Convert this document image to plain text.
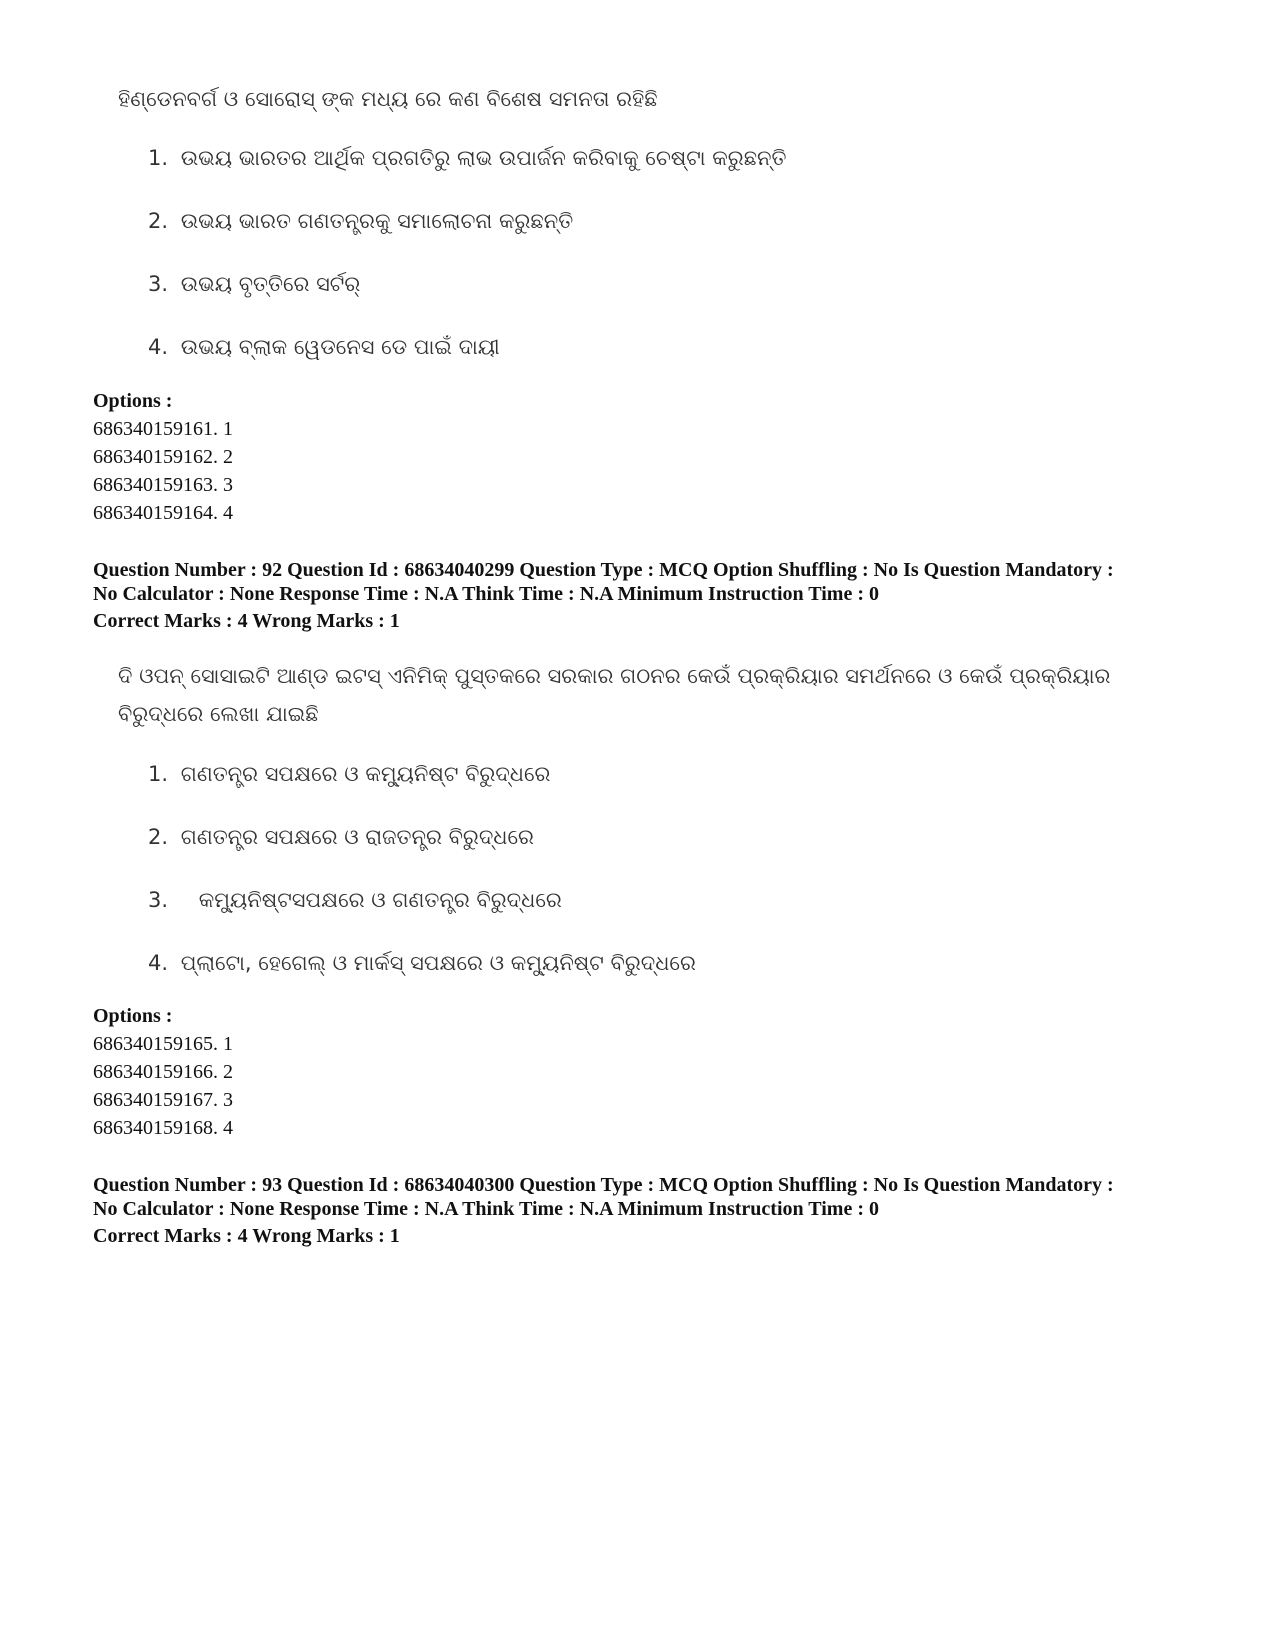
ହିଣ୍ଡେନବର୍ଗ ଓ ସୋରୋସ୍ ଙ୍କ ମଧ୍ୟ ରେ କଣ ବିଶେଷ ସମନତା ରହିଛି
1. ଉଭୟ ଭାରତର ଆର୍ଥିକ ପ୍ରଗତିରୁ ଲାଭ ଉପାର୍ଜନ କରିବାକୁ ଚେଷ୍ଟା କରୁଛନ୍ତି
2. ଉଭୟ ଭାରତ ଗଣତନ୍ତ୍ରକୁ ସମାଲୋଚନା କରୁଛନ୍ତି
3. ଉଭୟ ବୃତ୍ତିରେ ସର୍ଟର୍
4. ଉଭୟ ବ୍ଲାକ ୱେଡନେସ ଡେ ପାଇଁ ଦାୟୀ
Options :
686340159161. 1
686340159162. 2
686340159163. 3
686340159164. 4
Question Number : 92 Question Id : 68634040299 Question Type : MCQ Option Shuffling : No Is Question Mandatory :
No Calculator : None Response Time : N.A Think Time : N.A Minimum Instruction Time : 0
Correct Marks : 4 Wrong Marks : 1
ଦି ଓପନ୍ ସୋସାଇଟି ଆଣ୍ଡ ଇଟସ୍ ଏନିମିକ୍ ପୁସ୍ତକରେ ସରକାର ଗଠନର କେଉଁ ପ୍ରକ୍ରିୟାର ସମର୍ଥନରେ ଓ କେଉଁ ପ୍ରକ୍ରିୟାର ବିରୁଦ୍ଧରେ ଲେଖା ଯାଇଛି
1. ଗଣତନ୍ତ୍ର ସପକ୍ଷରେ ଓ କମ୍ୟୁନିଷ୍ଟ ବିରୁଦ୍ଧରେ
2. ଗଣତନ୍ତ୍ର ସପକ୍ଷରେ ଓ ରାଜତନ୍ତ୍ର ବିରୁଦ୍ଧରେ
3. କମ୍ୟୁନିଷ୍ଟସପକ୍ଷରେ ଓ ଗଣତନ୍ତ୍ର ବିରୁଦ୍ଧରେ
4. ପ୍ଲାଟୋ, ହେଗେଲ୍ ଓ ମାର୍କସ୍ ସପକ୍ଷରେ ଓ କମ୍ୟୁନିଷ୍ଟ ବିରୁଦ୍ଧରେ
Options :
686340159165. 1
686340159166. 2
686340159167. 3
686340159168. 4
Question Number : 93 Question Id : 68634040300 Question Type : MCQ Option Shuffling : No Is Question Mandatory :
No Calculator : None Response Time : N.A Think Time : N.A Minimum Instruction Time : 0
Correct Marks : 4 Wrong Marks : 1
